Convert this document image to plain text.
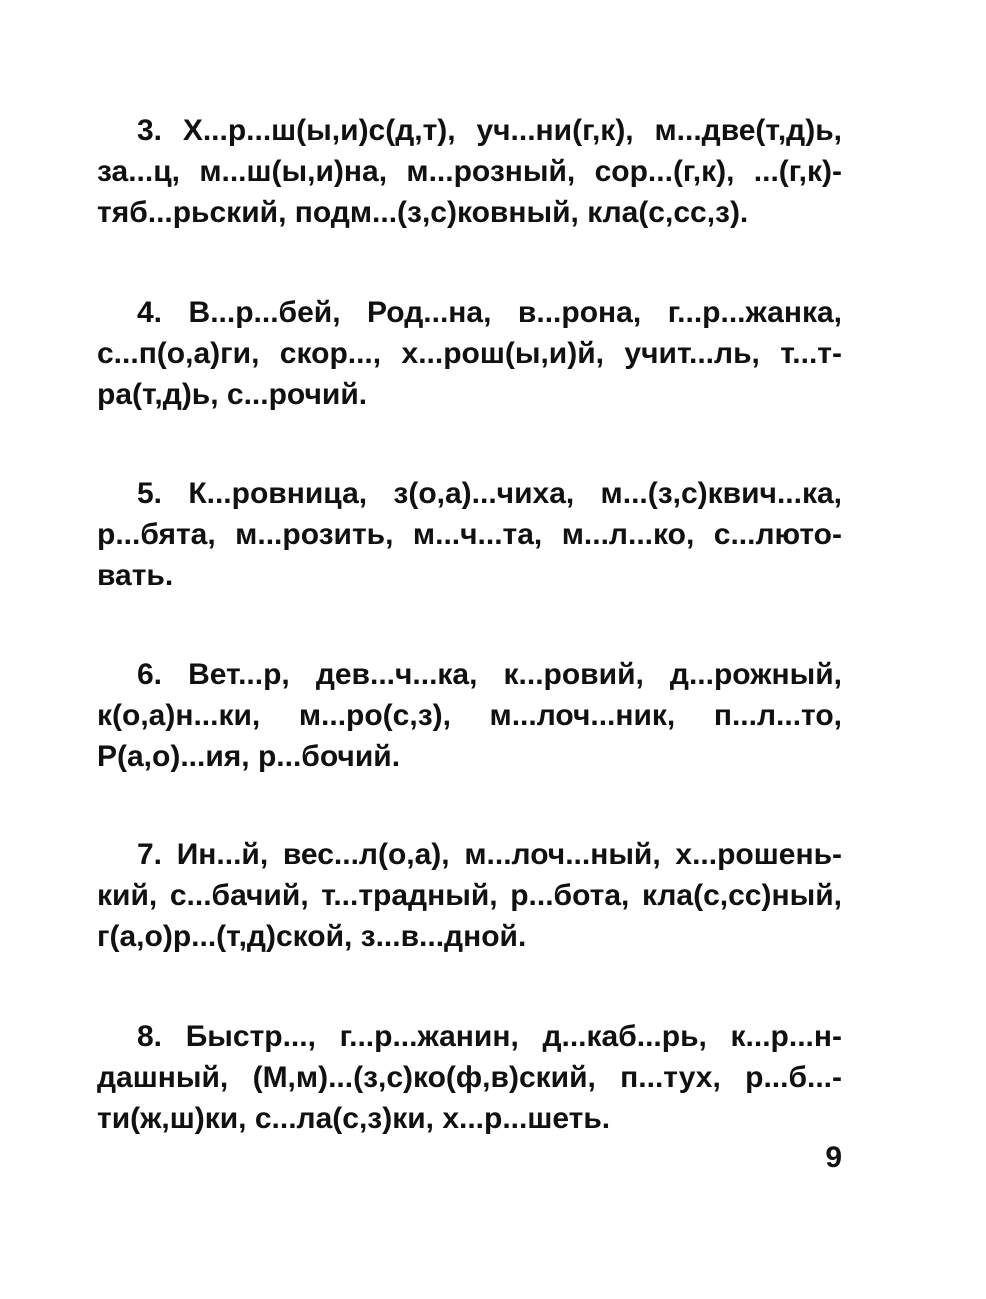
3. Х...р...ш(ы,и)с(д,т), уч...ни(г,к), м...две(т,д)ь,
за...ц, м...ш(ы,и)на, м...розный, сор...(г,к), ...(г,к)-
тяб...рьский, подм...(з,с)ковный, кла(с,сс,з).
4. В...р...бей, Род...на, в...рона, г...р...жанка,
с...п(о,а)ги, скор..., х...рош(ы,и)й, учит...ль, т...т-
ра(т,д)ь, с...рочий.
5. К...ровница, з(о,а)...чиха, м...(з,с)квич...ка,
р...бята, м...розить, м...ч...та, м...л...ко, с...люто-
вать.
6. Вет...р, дев...ч...ка, к...ровий, д...рожный,
к(о,а)н...ки, м...ро(с,з), м...лоч...ник, п...л...то,
Р(а,о)...ия, р...бочий.
7. Ин...й, вес...л(о,а), м...лоч...ный, х...рошень-
кий, с...бачий, т...традный, р...бота, кла(с,сс)ный,
г(а,о)р...(т,д)ской, з...в...дной.
8. Быстр..., г...р...жанин, д...каб...рь, к...р...н-
дашный, (М,м)...(з,с)ко(ф,в)ский, п...тух, р...б...-
ти(ж,ш)ки, с...ла(с,з)ки, х...р...шеть.
9
